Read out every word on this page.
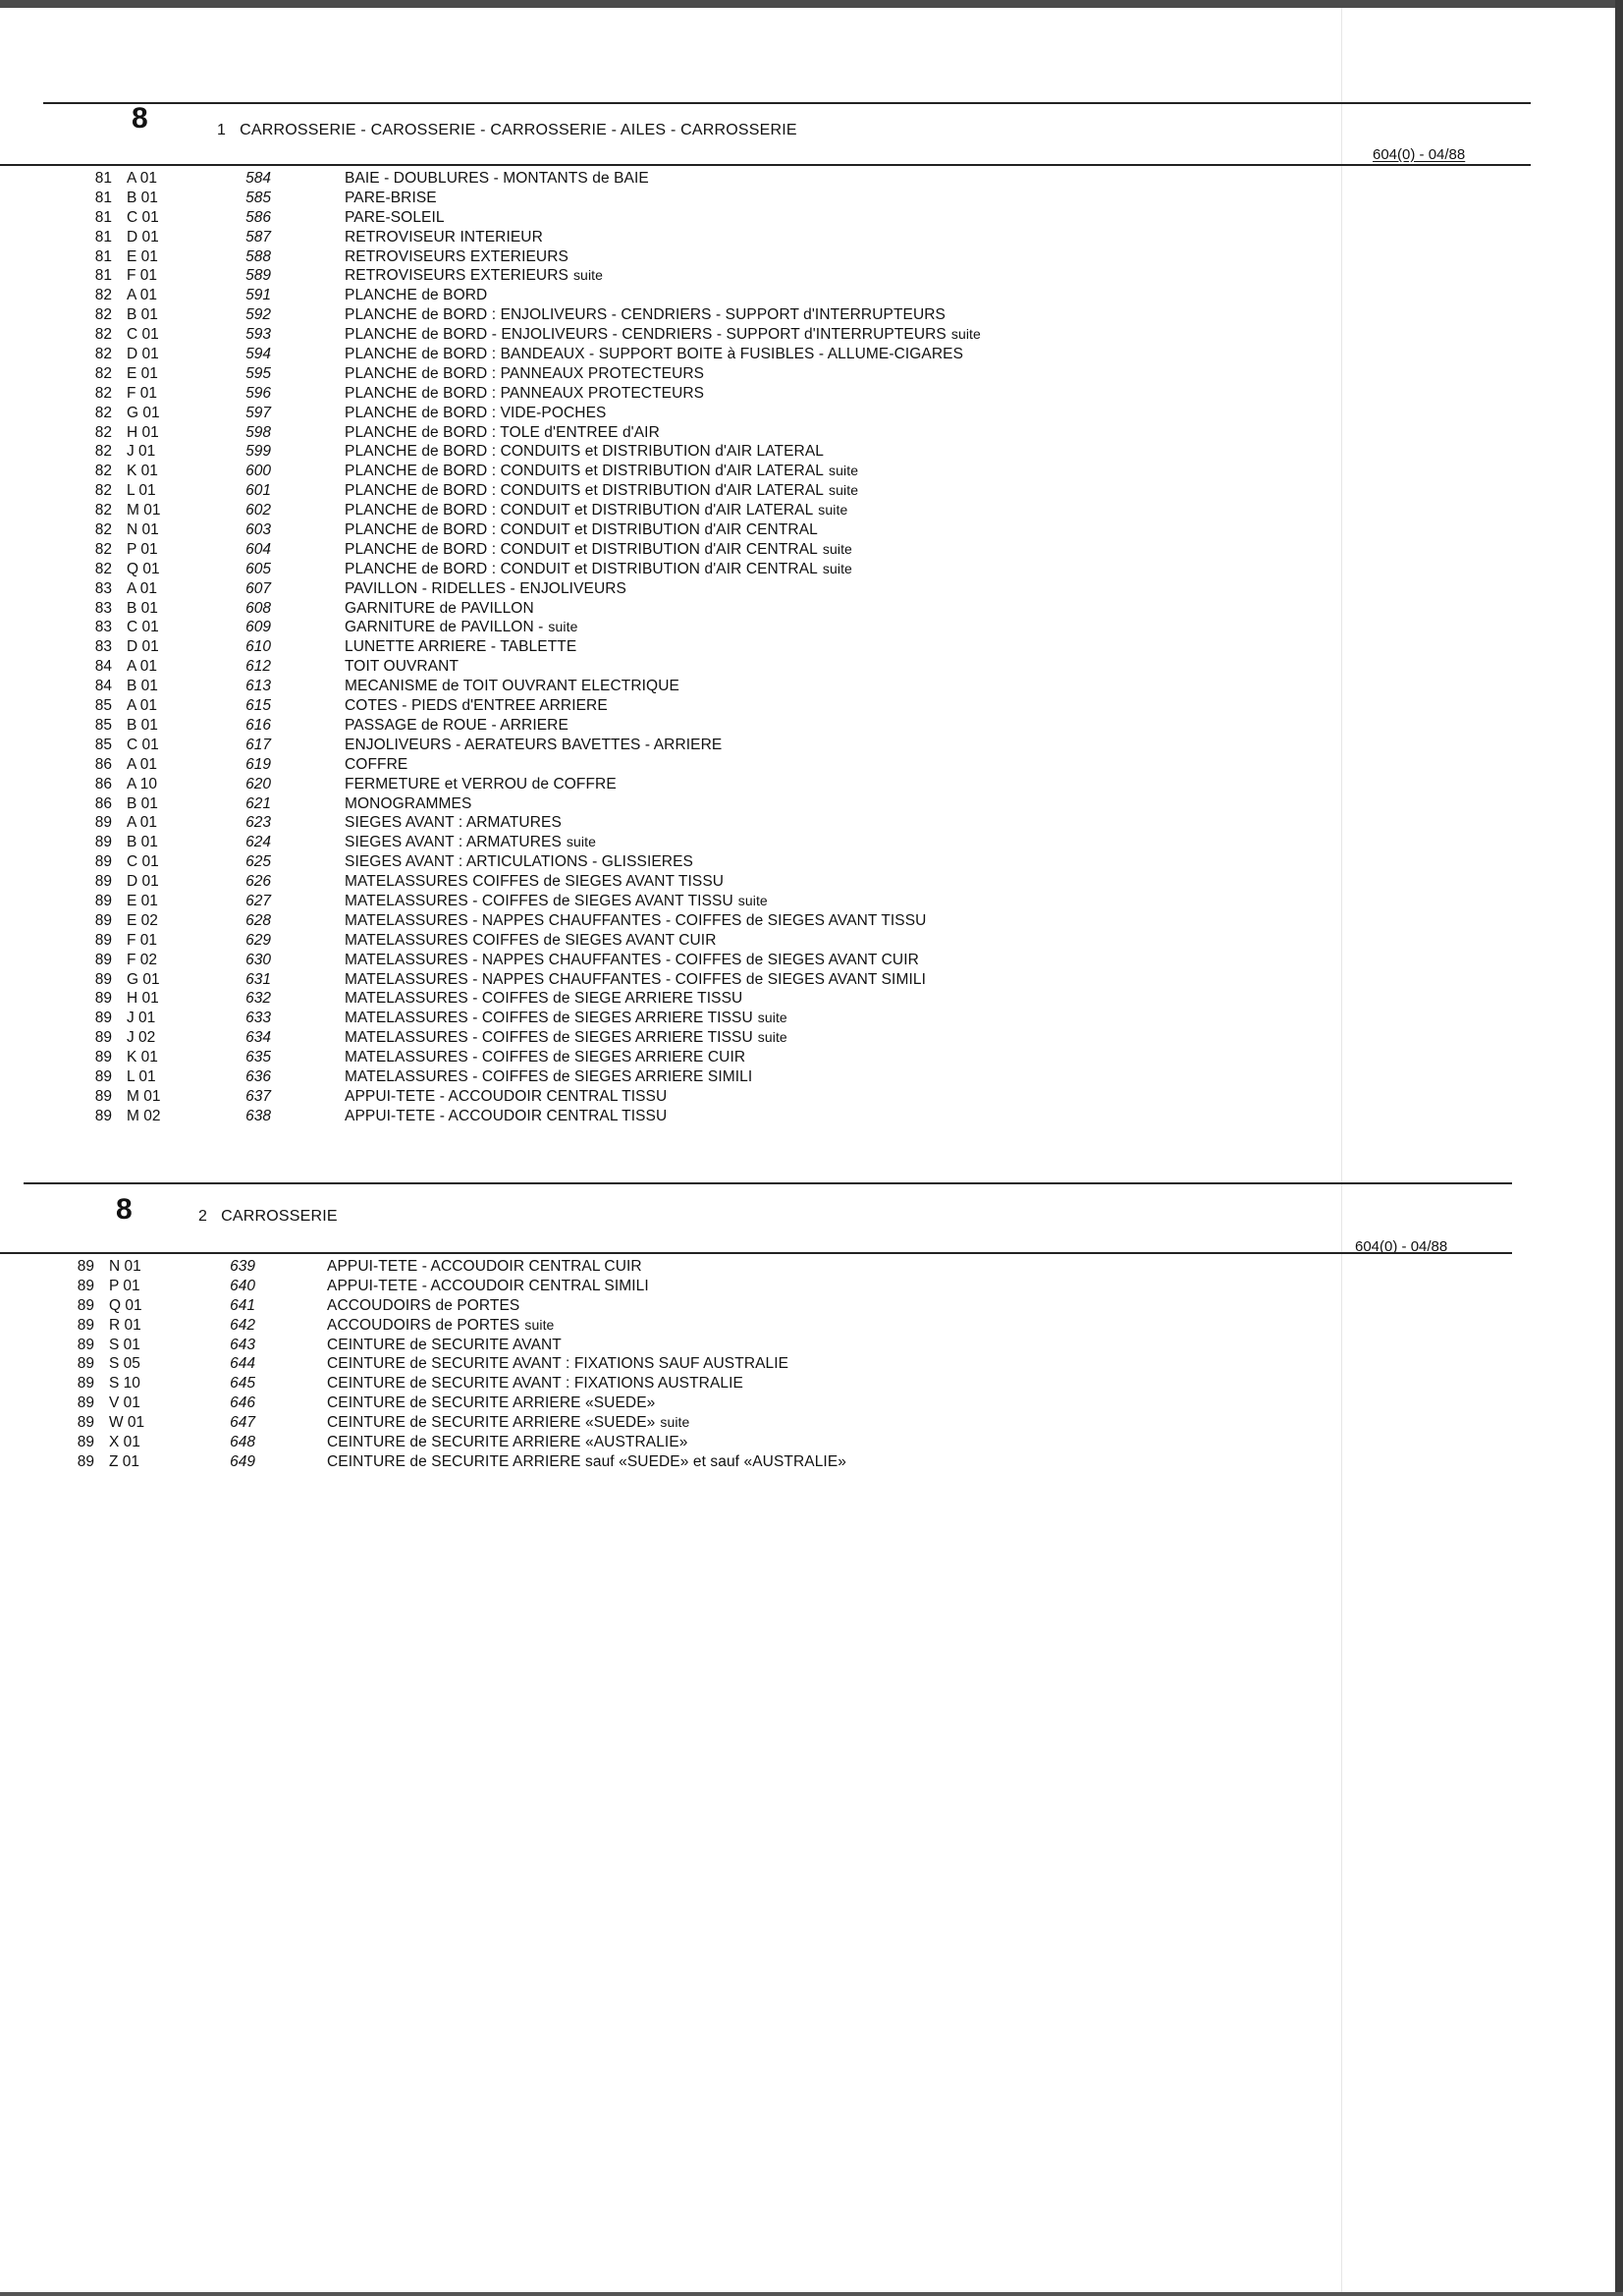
8	1 CARROSSERIE - CAROSSERIE - CARROSSERIE - AILES - CARROSSERIE
604(0) - 04/88
81 A 01	584	BAIE - DOUBLURES - MONTANTS de BAIE
81 B 01	585	PARE-BRISE
81 C 01	586	PARE-SOLEIL
81 D 01	587	RETROVISEUR INTERIEUR
81 E 01	588	RETROVISEURS EXTERIEURS
81 F 01	589	RETROVISEURS EXTERIEURS suite
82 A 01	591	PLANCHE de BORD
82 B 01	592	PLANCHE de BORD : ENJOLIVEURS - CENDRIERS - SUPPORT d'INTERRUPTEURS
82 C 01	593	PLANCHE de BORD - ENJOLIVEURS - CENDRIERS - SUPPORT d'INTERRUPTEURS suite
82 D 01	594	PLANCHE de BORD : BANDEAUX - SUPPORT BOITE à FUSIBLES - ALLUME-CIGARES
82 E 01	595	PLANCHE de BORD : PANNEAUX PROTECTEURS
82 F 01	596	PLANCHE de BORD : PANNEAUX PROTECTEURS
82 G 01	597	PLANCHE de BORD : VIDE-POCHES
82 H 01	598	PLANCHE de BORD : TOLE d'ENTREE d'AIR
82 J 01	599	PLANCHE de BORD : CONDUITS et DISTRIBUTION d'AIR LATERAL
82 K 01	600	PLANCHE de BORD : CONDUITS et DISTRIBUTION d'AIR LATERAL suite
82 L 01	601	PLANCHE de BORD : CONDUITS et DISTRIBUTION d'AIR LATERAL suite
82 M 01	602	PLANCHE de BORD : CONDUIT et DISTRIBUTION d'AIR LATERAL suite
82 N 01	603	PLANCHE de BORD : CONDUIT et DISTRIBUTION d'AIR CENTRAL
82 P 01	604	PLANCHE de BORD : CONDUIT et DISTRIBUTION d'AIR CENTRAL suite
82 Q 01	605	PLANCHE de BORD : CONDUIT et DISTRIBUTION d'AIR CENTRAL suite
83 A 01	607	PAVILLON - RIDELLES - ENJOLIVEURS
83 B 01	608	GARNITURE de PAVILLON
83 C 01	609	GARNITURE de PAVILLON - suite
83 D 01	610	LUNETTE ARRIERE - TABLETTE
84 A 01	612	TOIT OUVRANT
84 B 01	613	MECANISME de TOIT OUVRANT ELECTRIQUE
85 A 01	615	COTES - PIEDS d'ENTREE ARRIERE
85 B 01	616	PASSAGE de ROUE - ARRIERE
85 C 01	617	ENJOLIVEURS - AERATEURS BAVETTES - ARRIERE
86 A 01	619	COFFRE
86 A 10	620	FERMETURE et VERROU de COFFRE
86 B 01	621	MONOGRAMMES
89 A 01	623	SIEGES AVANT : ARMATURES
89 B 01	624	SIEGES AVANT : ARMATURES suite
89 C 01	625	SIEGES AVANT : ARTICULATIONS - GLISSIERES
89 D 01	626	MATELASSURES COIFFES de SIEGES AVANT TISSU
89 E 01	627	MATELASSURES - COIFFES de SIEGES AVANT TISSU suite
89 E 02	628	MATELASSURES - NAPPES CHAUFFANTES - COIFFES de SIEGES AVANT TISSU
89 F 01	629	MATELASSURES COIFFES de SIEGES AVANT CUIR
89 F 02	630	MATELASSURES - NAPPES CHAUFFANTES - COIFFES de SIEGES AVANT CUIR
89 G 01	631	MATELASSURES - NAPPES CHAUFFANTES - COIFFES de SIEGES AVANT SIMILI
89 H 01	632	MATELASSURES - COIFFES de SIEGE ARRIERE TISSU
89 J 01	633	MATELASSURES - COIFFES de SIEGES ARRIERE TISSU suite
89 J 02	634	MATELASSURES - COIFFES de SIEGES ARRIERE TISSU suite
89 K 01	635	MATELASSURES - COIFFES de SIEGES ARRIERE CUIR
89 L 01	636	MATELASSURES - COIFFES de SIEGES ARRIERE SIMILI
89 M 01	637	APPUI-TETE - ACCOUDOIR CENTRAL TISSU
89 M 02	638	APPUI-TETE - ACCOUDOIR CENTRAL TISSU
8	2 CARROSSERIE
604(0) - 04/88
89 N 01	639	APPUI-TETE - ACCOUDOIR CENTRAL CUIR
89 P 01	640	APPUI-TETE - ACCOUDOIR CENTRAL SIMILI
89 Q 01	641	ACCOUDOIRS de PORTES
89 R 01	642	ACCOUDOIRS de PORTES suite
89 S 01	643	CEINTURE de SECURITE AVANT
89 S 05	644	CEINTURE de SECURITE AVANT : FIXATIONS SAUF AUSTRALIE
89 S 10	645	CEINTURE de SECURITE AVANT : FIXATIONS AUSTRALIE
89 V 01	646	CEINTURE de SECURITE ARRIERE «SUEDE»
89 W 01	647	CEINTURE de SECURITE ARRIERE «SUEDE» suite
89 X 01	648	CEINTURE de SECURITE ARRIERE «AUSTRALIE»
89 Z 01	649	CEINTURE de SECURITE ARRIERE sauf «SUEDE» et sauf «AUSTRALIE»
